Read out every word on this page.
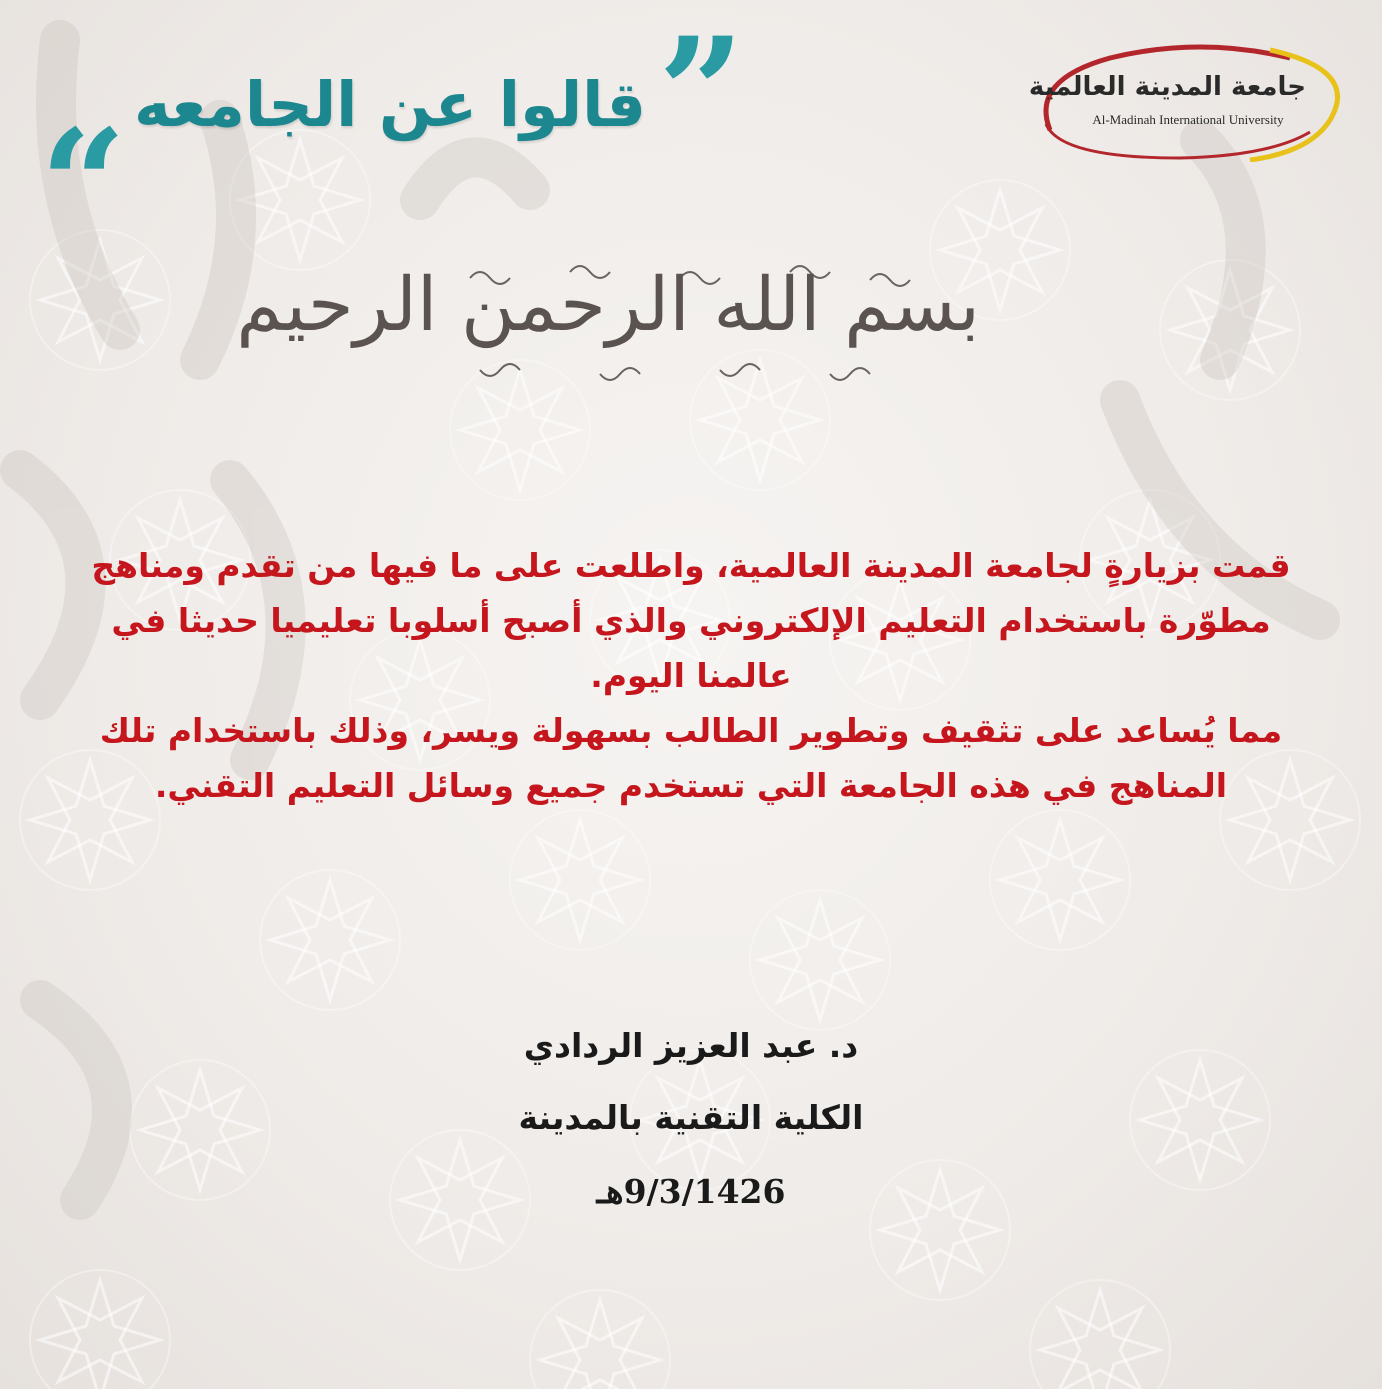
جامعة المدينة العالمية
Al-Madinah International University
”
قالوا عن الجامعه
“
بسم الله الرحمن الرحيم

قمت بزيارةٍ لجامعة المدينة العالمية، واطلعت على ما فيها من تقدم ومناهج مطوّرة باستخدام التعليم الإلكتروني والذي أصبح أسلوبا تعليميا حديثا في عالمنا اليوم.

مما يُساعد على تثقيف وتطوير الطالب بسهولة ويسر، وذلك باستخدام تلك المناهج في هذه الجامعة التي تستخدم جميع وسائل التعليم التقني.

د. عبد العزيز الردادي
الكلية التقنية بالمدينة
9/3/1426هـ
